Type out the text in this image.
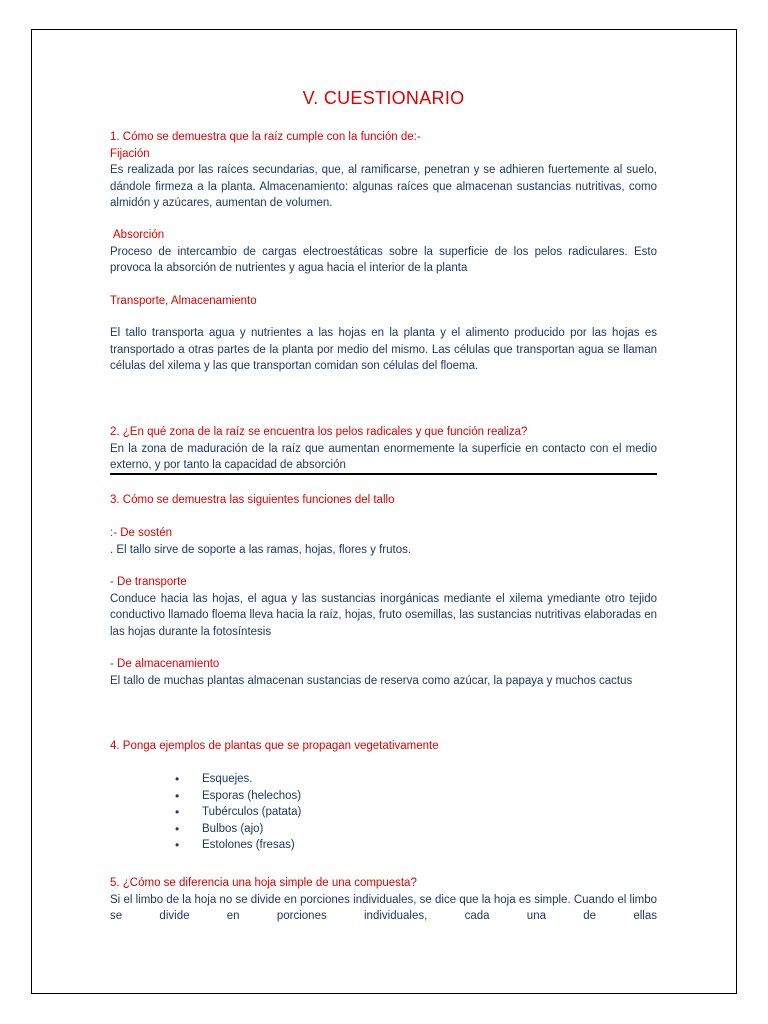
V. CUESTIONARIO
1. Cómo se demuestra que la raíz cumple con la función de:-
Fijación
Es realizada por las raíces secundarias, que, al ramificarse, penetran y se adhieren fuertemente al suelo, dándole firmeza a la planta. Almacenamiento: algunas raíces que almacenan sustancias nutritivas, como almidón y azúcares, aumentan de volumen.
Absorción
Proceso de intercambio de cargas electroestáticas sobre la superficie de los pelos radiculares. Esto provoca la absorción de nutrientes y agua hacia el interior de la planta
Transporte, Almacenamiento
El tallo transporta agua y nutrientes a las hojas en la planta y el alimento producido por las hojas es transportado a otras partes de la planta por medio del mismo. Las células que transportan agua se llaman células del xilema y las que transportan comidan son células del floema.
2. ¿En qué zona de la raíz se encuentra los pelos radicales y que función realiza?
En la zona de maduración de la raíz que aumentan enormemente la superficie en contacto con el medio externo, y por tanto la capacidad de absorción
3. Cómo se demuestra las siguientes funciones del tallo
:- De sostén
. El tallo sirve de soporte a las ramas, hojas, flores y frutos.
- De transporte
Conduce hacia las hojas, el agua y las sustancias inorgánicas mediante el xilema ymediante otro tejido conductivo llamado floema lleva hacia la raíz, hojas, fruto osemillas, las sustancias nutritivas elaboradas en las hojas durante la fotosíntesis
- De almacenamiento
El tallo de muchas plantas almacenan sustancias de reserva como azúcar, la papaya y muchos cactus
4. Ponga ejemplos de plantas que se propagan vegetativamente
• Esquejes.
• Esporas (helechos)
• Tubérculos (patata)
• Bulbos (ajo)
• Estolones (fresas)
5. ¿Cómo se diferencia una hoja simple de una compuesta?
Si el limbo de la hoja no se divide en porciones individuales, se dice que la hoja es simple. Cuando el limbo se divide en porciones individuales, cada una de ellas
